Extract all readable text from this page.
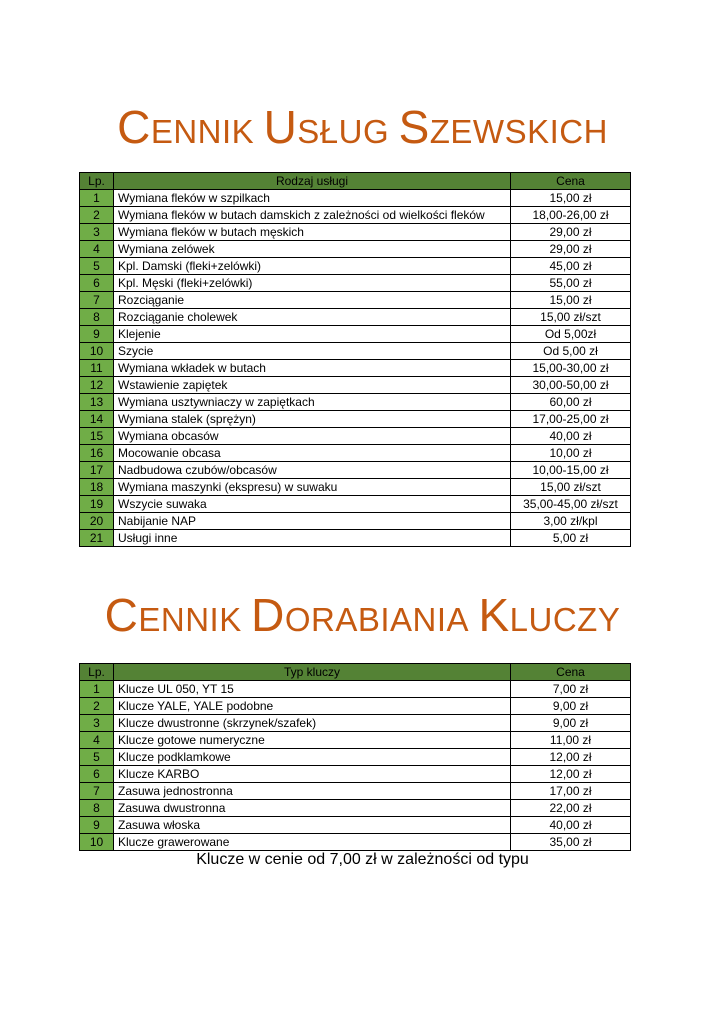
CENNIK USŁUG SZEWSKICH
Lp.	Rodzaj usługi	Cena
1	Wymiana fleków w szpilkach	15,00 zł
2	Wymiana fleków w butach damskich z zależności od wielkości fleków	18,00-26,00 zł
3	Wymiana fleków w butach męskich	29,00 zł
4	Wymiana zelówek	29,00 zł
5	Kpl. Damski (fleki+zelówki)	45,00 zł
6	Kpl. Męski (fleki+zelówki)	55,00 zł
7	Rozciąganie	15,00 zł
8	Rozciąganie cholewek	15,00 zł/szt
9	Klejenie	Od 5,00zł
10	Szycie	Od 5,00 zł
11	Wymiana wkładek w butach	15,00-30,00 zł
12	Wstawienie zapiętek	30,00-50,00 zł
13	Wymiana usztywniaczy w zapiętkach	60,00 zł
14	Wymiana stalek (sprężyn)	17,00-25,00 zł
15	Wymiana obcasów	40,00 zł
16	Mocowanie obcasa	10,00 zł
17	Nadbudowa czubów/obcasów	10,00-15,00 zł
18	Wymiana maszynki (ekspresu) w suwaku	15,00 zł/szt
19	Wszycie suwaka	35,00-45,00 zł/szt
20	Nabijanie NAP	3,00 zł/kpl
21	Usługi inne	5,00 zł
CENNIK DORABIANIA KLUCZY
Lp.	Typ kluczy	Cena
1	Klucze UL 050, YT 15	7,00 zł
2	Klucze YALE, YALE podobne	9,00 zł
3	Klucze dwustronne (skrzynek/szafek)	9,00 zł
4	Klucze gotowe numeryczne	11,00 zł
5	Klucze podklamkowe	12,00 zł
6	Klucze KARBO	12,00 zł
7	Zasuwa jednostronna	17,00 zł
8	Zasuwa dwustronna	22,00 zł
9	Zasuwa włoska	40,00 zł
10	Klucze grawerowane	35,00 zł
Klucze w cenie od 7,00 zł w zależności od typu
